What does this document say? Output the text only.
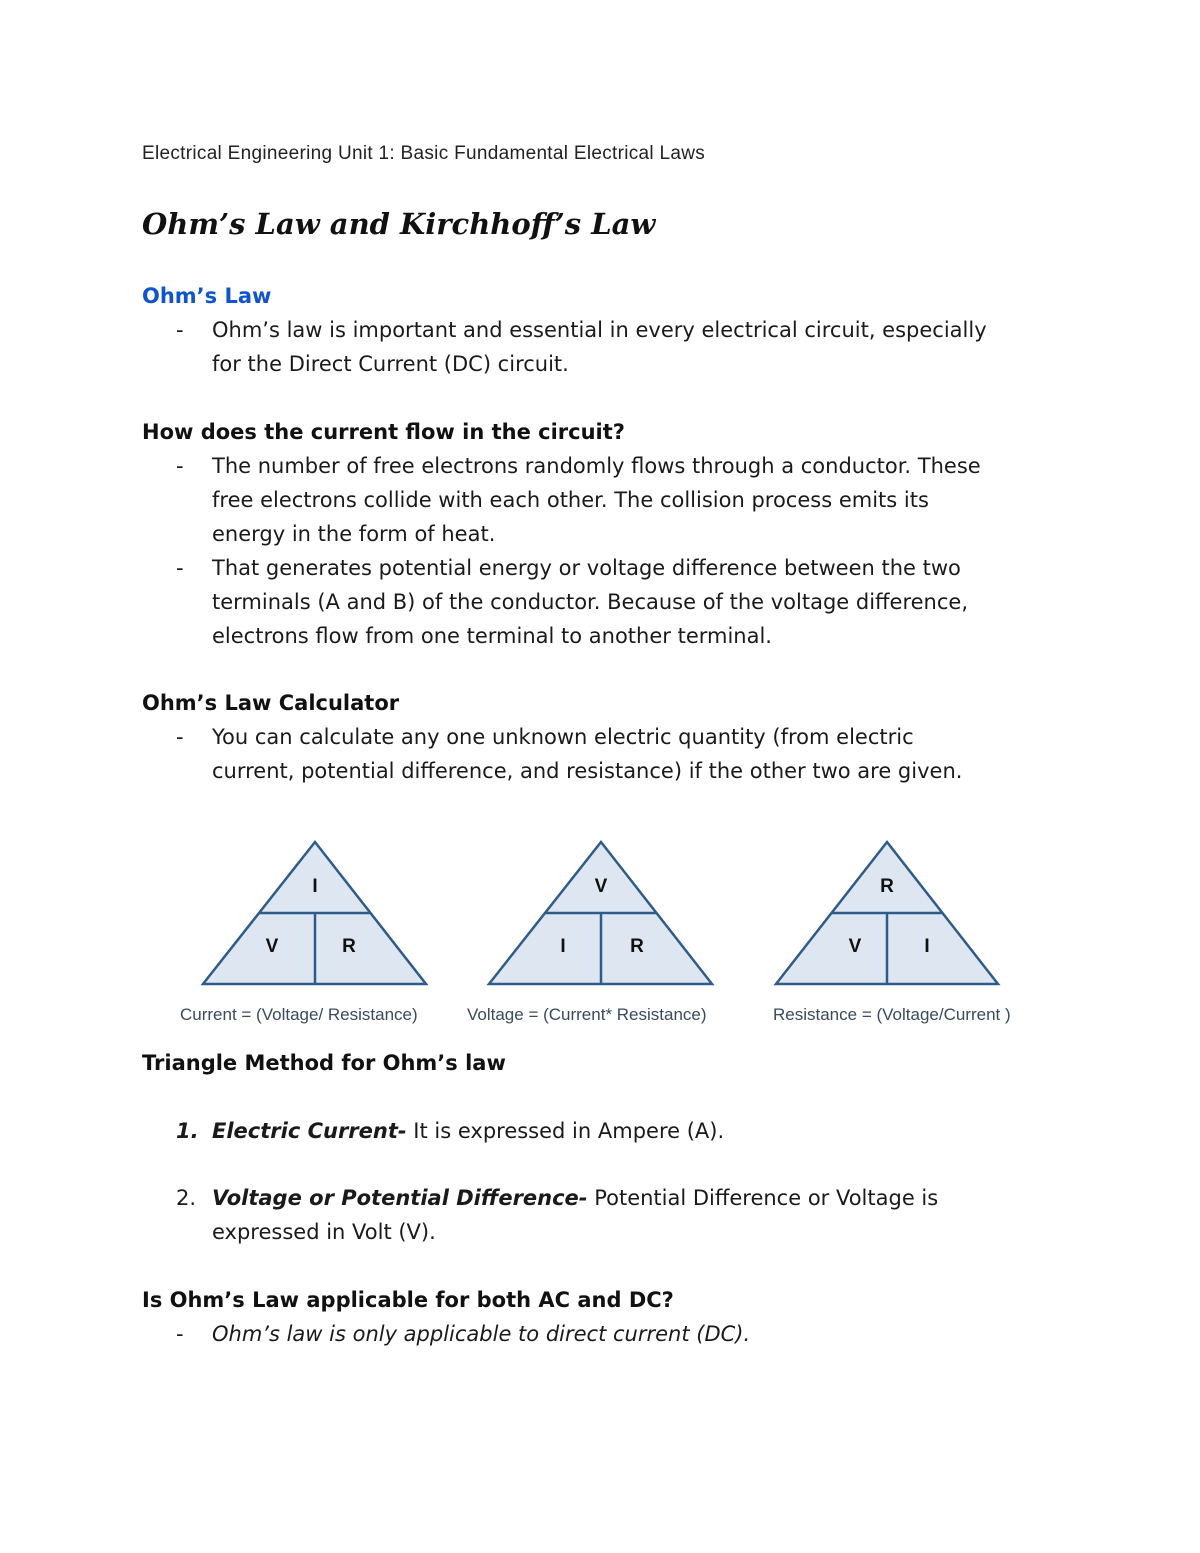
Electrical Engineering Unit 1: Basic Fundamental Electrical Laws
Ohm’s Law and Kirchhoff’s Law
Ohm’s Law
- Ohm’s law is important and essential in every electrical circuit, especially
for the Direct Current (DC) circuit.
How does the current flow in the circuit?
- The number of free electrons randomly flows through a conductor. These
free electrons collide with each other. The collision process emits its
energy in the form of heat.
- That generates potential energy or voltage difference between the two
terminals (A and B) of the conductor. Because of the voltage difference,
electrons flow from one terminal to another terminal.
Ohm’s Law Calculator
- You can calculate any one unknown electric quantity (from electric
current, potential difference, and resistance) if the other two are given.
I
V	R
V
I	R
R
V	I
Current = (Voltage/ Resistance)	Voltage = (Current* Resistance)	Resistance = (Voltage/Current )
Triangle Method for Ohm’s law
1. Electric Current- It is expressed in Ampere (A).
2. Voltage or Potential Difference- Potential Difference or Voltage is
expressed in Volt (V).
Is Ohm’s Law applicable for both AC and DC?
- Ohm’s law is only applicable to direct current (DC).
